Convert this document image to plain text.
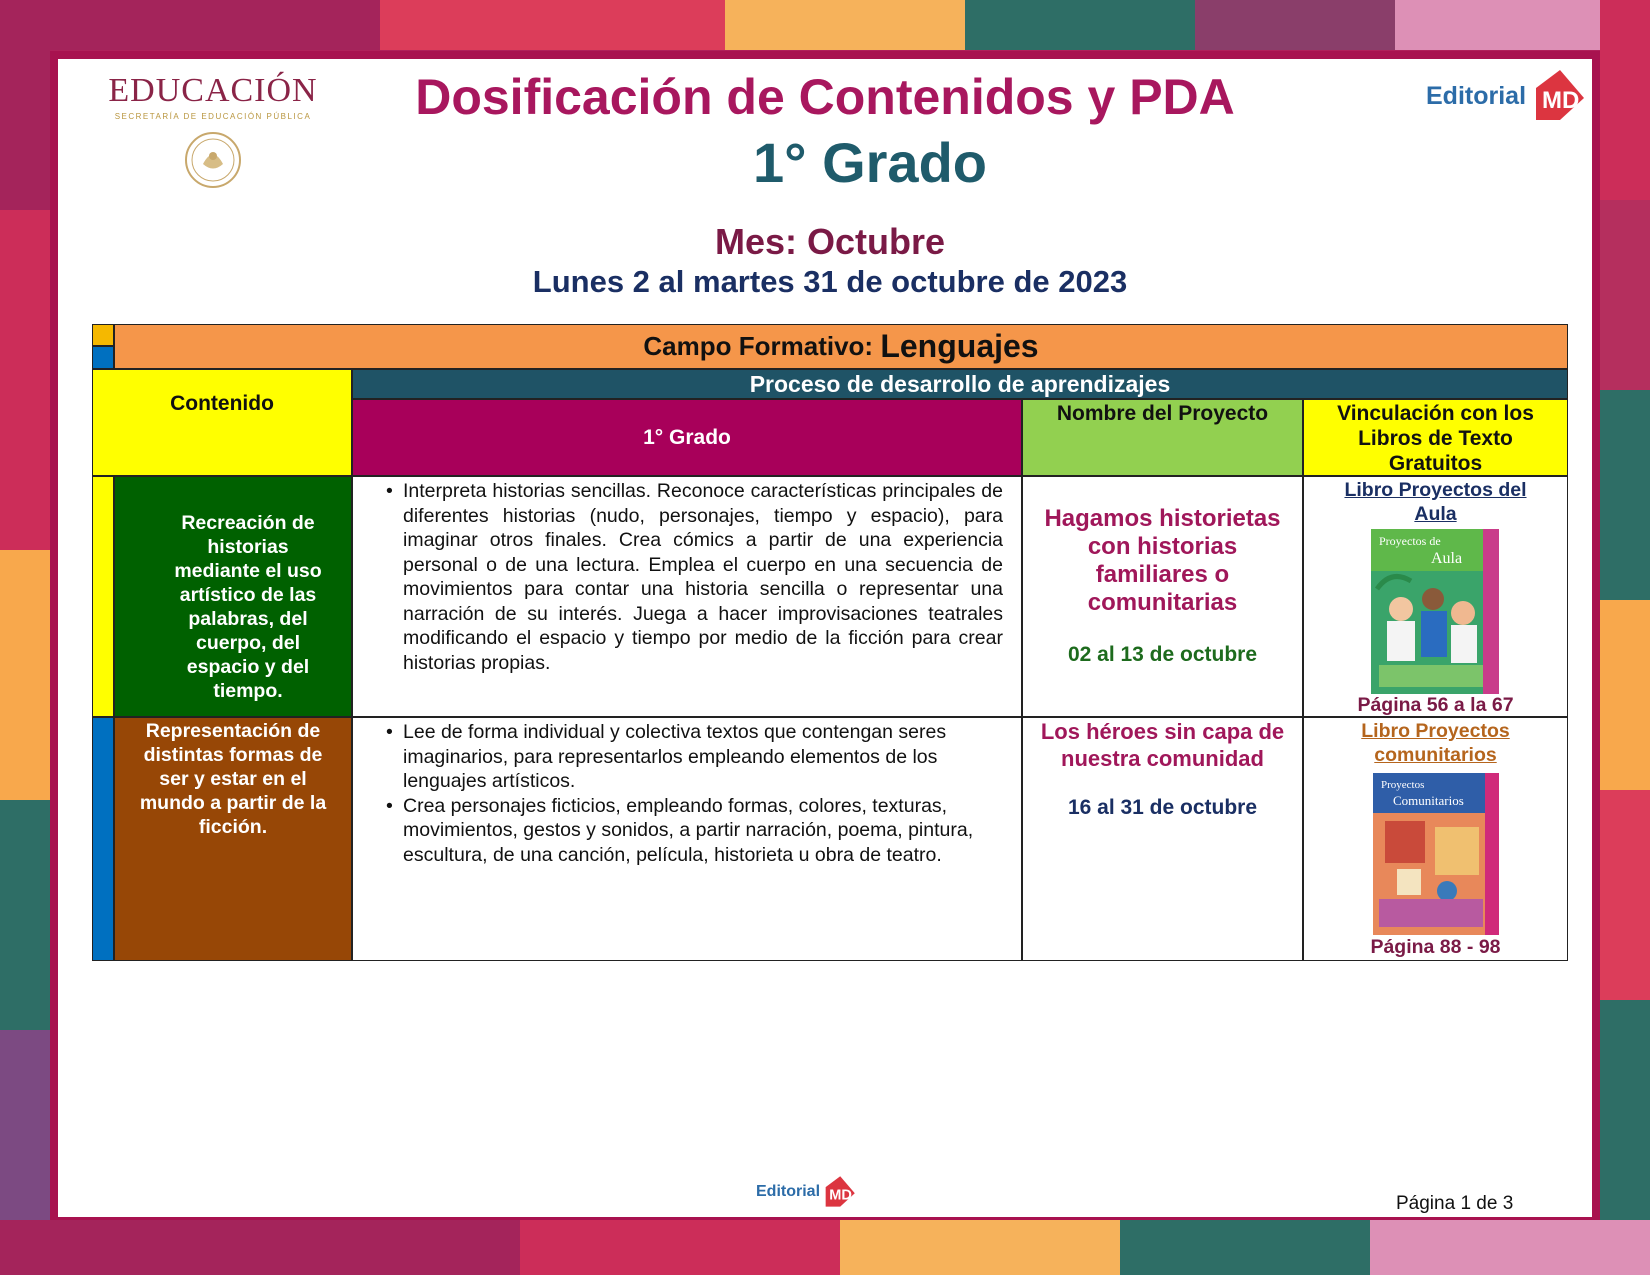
EDUCACIÓN
SECRETARÍA DE EDUCACIÓN PÚBLICA
Editorial MD
Dosificación de Contenidos y PDA
1° Grado
Mes: Octubre
Lunes 2 al martes 31 de octubre de 2023
Campo Formativo: Lenguajes
Contenido
Proceso de desarrollo de aprendizajes
1° Grado
Nombre del Proyecto	Vinculación con los Libros de Texto Gratuitos
Recreación de historias mediante el uso artístico de las palabras, del cuerpo, del espacio y del tiempo.
• Interpreta historias sencillas. Reconoce características principales de diferentes historias (nudo, personajes, tiempo y espacio), para imaginar otros finales. Crea cómics a partir de una experiencia personal o de una lectura. Emplea el cuerpo en una secuencia de movimientos para contar una historia sencilla o representar una narración de su interés. Juega a hacer improvisaciones teatrales modificando el espacio y tiempo por medio de la ficción para crear historias propias.
Hagamos historietas con historias familiares o comunitarias
02 al 13 de octubre
Libro Proyectos del Aula
Proyectos de
Aula
Página 56 a la 67
Representación de distintas formas de ser y estar en el mundo a partir de la ficción.
• Lee de forma individual y colectiva textos que contengan seres imaginarios, para representarlos empleando elementos de los lenguajes artísticos.
• Crea personajes ficticios, empleando formas, colores, texturas, movimientos, gestos y sonidos, a partir narración, poema, pintura, escultura, de una canción, película, historieta u obra de teatro.
Los héroes sin capa de nuestra comunidad
16 al 31 de octubre
Libro Proyectos comunitarios
Proyectos
Comunitarios
Página 88 - 98
Editorial MD	Página 1 de 3
